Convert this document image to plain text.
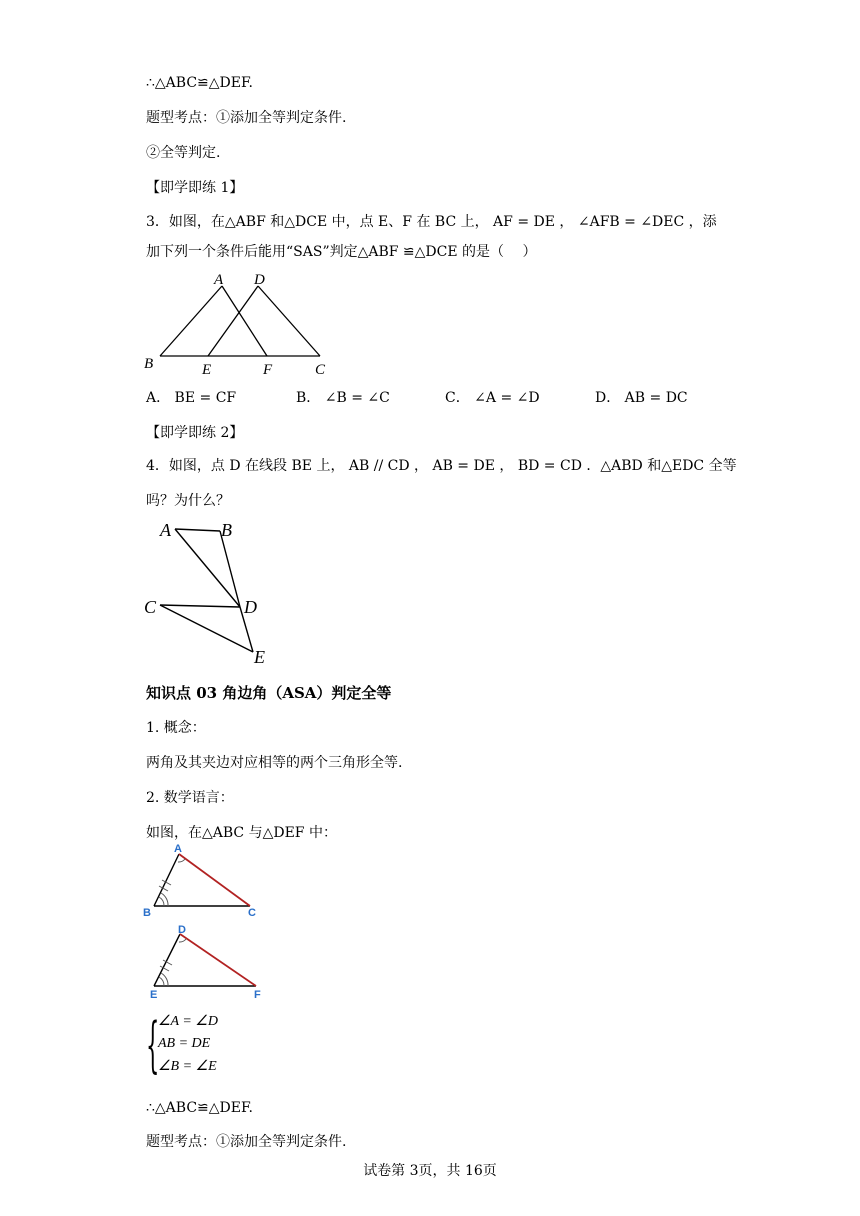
∴△ABC≌△DEF.
题型考点：①添加全等判定条件.
②全等判定.
【即学即练 1】
3．如图，在△ABF 和△DCE 中，点 E、F 在 BC 上， AF = DE ， ∠AFB = ∠DEC ，添
加下列一个条件后能用“SAS”判定△ABF ≌△DCE 的是（　 ）
A D
B	E	F	C
A． BE = CF	B． ∠B = ∠C	C． ∠A = ∠D	D． AB = DC
【即学即练 2】
4．如图，点 D 在线段 BE 上， AB // CD ， AB = DE ， BD = CD ．△ABD 和△EDC 全等
吗？为什么？
A	B
C	D
E
知识点 03 角边角（ASA）判定全等
1. 概念：
两角及其夹边对应相等的两个三角形全等.
2. 数学语言：
如图，在△ABC 与△DEF 中：
A
B	C
D
E	F
{
∠A = ∠D
AB = DE
∠B = ∠E
∴△ABC≌△DEF.
题型考点：①添加全等判定条件.
试卷第 3页，共 16页
